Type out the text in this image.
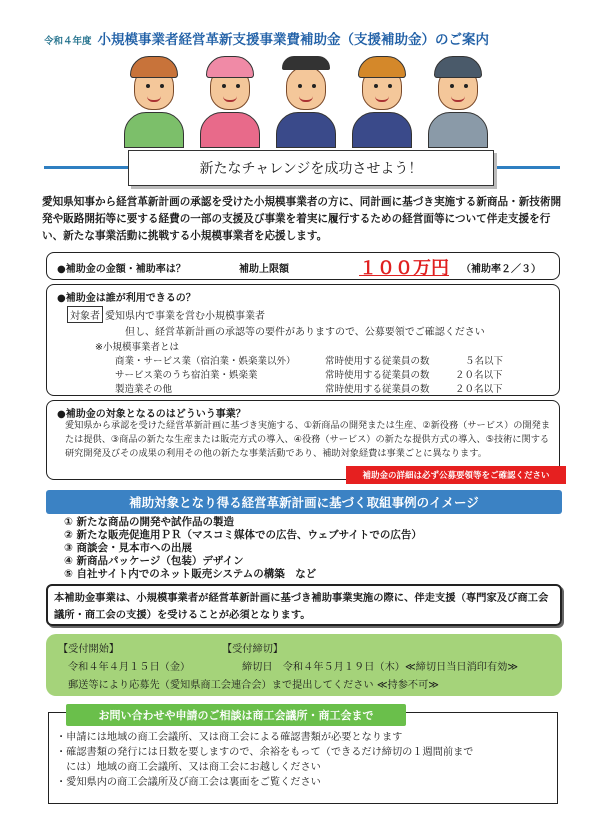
令和４年度 小規模事業者経営革新支援事業費補助金（支援補助金）のご案内
新たなチャレンジを成功させよう！
愛知県知事から経営革新計画の承認を受けた小規模事業者の方に、同計画に基づき実施する新商品・新技術開発や販路開拓等に要する経費の一部の支援及び事業を着実に履行するための経営面等について伴走支援を行い、新たな事業活動に挑戦する小規模事業者を応援します。
●補助金の金額・補助率は？	補助上限額	１００万円 （補助率２／３）
●補助金は誰が利用できるの？
対象者 愛知県内で事業を営む小規模事業者
但し、経営革新計画の承認等の要件がありますので、公募要領でご確認ください
※小規模事業者とは
商業・サービス業（宿泊業・娯楽業以外）	常時使用する従業員の数	５名以下
サービス業のうち宿泊業・娯楽業	常時使用する従業員の数	２０名以下
製造業その他	常時使用する従業員の数	２０名以下
●補助金の対象となるのはどういう事業？
愛知県から承認を受けた経営革新計画に基づき実施する、①新商品の開発または生産、②新役務（サービス）の開発または提供、③商品の新たな生産または販売方式の導入、④役務（サービス）の新たな提供方式の導入、⑤技術に関する研究開発及びその成果の利用その他の新たな事業活動であり、補助対象経費は事業ごとに異なります。
補助金の詳細は必ず公募要領等をご確認ください
補助対象となり得る経営革新計画に基づく取組事例のイメージ
① 新たな商品の開発や試作品の製造
② 新たな販売促進用ＰＲ（マスコミ媒体での広告、ウェブサイトでの広告）
③ 商談会・見本市への出展
④ 新商品パッケージ（包装）デザイン
⑤ 自社サイト内でのネット販売システムの構築　など
本補助金事業は、小規模事業者が経営革新計画に基づき補助事業実施の際に、伴走支援（専門家及び商工会議所・商工会の支援）を受けることが必須となります。
【受付開始】	【受付締切】
令和４年４月１５日（金）	締切日　令和４年５月１９日（木）≪締切日当日消印有効≫
郵送等により応募先（愛知県商工会連合会）まで提出してください ≪持参不可≫
お問い合わせや申請のご相談は商工会議所・商工会まで
・申請には地域の商工会議所、又は商工会による確認書類が必要となります
・確認書類の発行には日数を要しますので、余裕をもって（できるだけ締切の１週間前まで
　には）地域の商工会議所、又は商工会にお越しください
・愛知県内の商工会議所及び商工会は裏面をご覧ください
